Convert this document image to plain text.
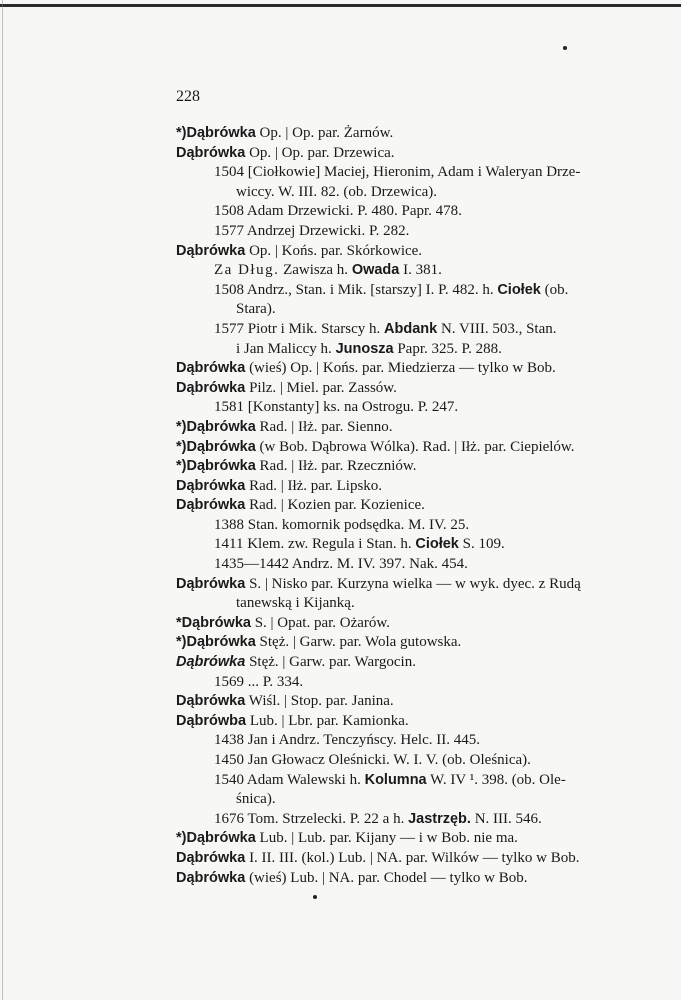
228
*)Dąbrówka Op. | Op. par. Żarnów.
Dąbrówka Op. | Op. par. Drzewica.
1504 [Ciołkowie] Maciej, Hieronim, Adam i Waleryan Drze-
wiccy. W. III. 82. (ob. Drzewica).
1508 Adam Drzewicki. P. 480. Papr. 478.
1577 Andrzej Drzewicki. P. 282.
Dąbrówka Op. | Końs. par. Skórkowice.
Za Dług. Zawisza h. Owada I. 381.
1508 Andrz., Stan. i Mik. [starszy] I. P. 482. h. Ciołek (ob.
Stara).
1577 Piotr i Mik. Starscy h. Abdank N. VIII. 503., Stan.
i Jan Maliccy h. Junosza Papr. 325. P. 288.
Dąbrówka (wieś) Op. | Końs. par. Miedzierza — tylko w Bob.
Dąbrówka Pilz. | Miel. par. Zassów.
1581 [Konstanty] ks. na Ostrogu. P. 247.
*)Dąbrówka Rad. | Iłż. par. Sienno.
*)Dąbrówka (w Bob. Dąbrowa Wólka). Rad. | Iłż. par. Ciepielów.
*)Dąbrówka Rad. | Iłż. par. Rzeczniów.
Dąbrówka Rad. | Iłż. par. Lipsko.
Dąbrówka Rad. | Kozien par. Kozienice.
1388 Stan. komornik podsędka. M. IV. 25.
1411 Klem. zw. Regula i Stan. h. Ciołek S. 109.
1435—1442 Andrz. M. IV. 397. Nak. 454.
Dąbrówka S. | Nisko par. Kurzyna wielka — w wyk. dyec. z Rudą
tanewską i Kijanką.
*Dąbrówka S. | Opat. par. Ożarów.
*)Dąbrówka Stęż. | Garw. par. Wola gutowska.
Dąbrówka Stęż. | Garw. par. Wargocin.
1569 ... P. 334.
Dąbrówka Wiśl. | Stop. par. Janina.
Dąbrówba Lub. | Lbr. par. Kamionka.
1438 Jan i Andrz. Tenczyńscy. Helc. II. 445.
1450 Jan Głowacz Oleśnicki. W. I. V. (ob. Oleśnica).
1540 Adam Walewski h. Kolumna W. IV ¹. 398. (ob. Ole-
śnica).
1676 Tom. Strzelecki. P. 22 a h. Jastrzęb. N. III. 546.
*)Dąbrówka Lub. | Lub. par. Kijany — i w Bob. nie ma.
Dąbrówka I. II. III. (kol.) Lub. | NA. par. Wilków — tylko w Bob.
Dąbrówka (wieś) Lub. | NA. par. Chodel — tylko w Bob.
